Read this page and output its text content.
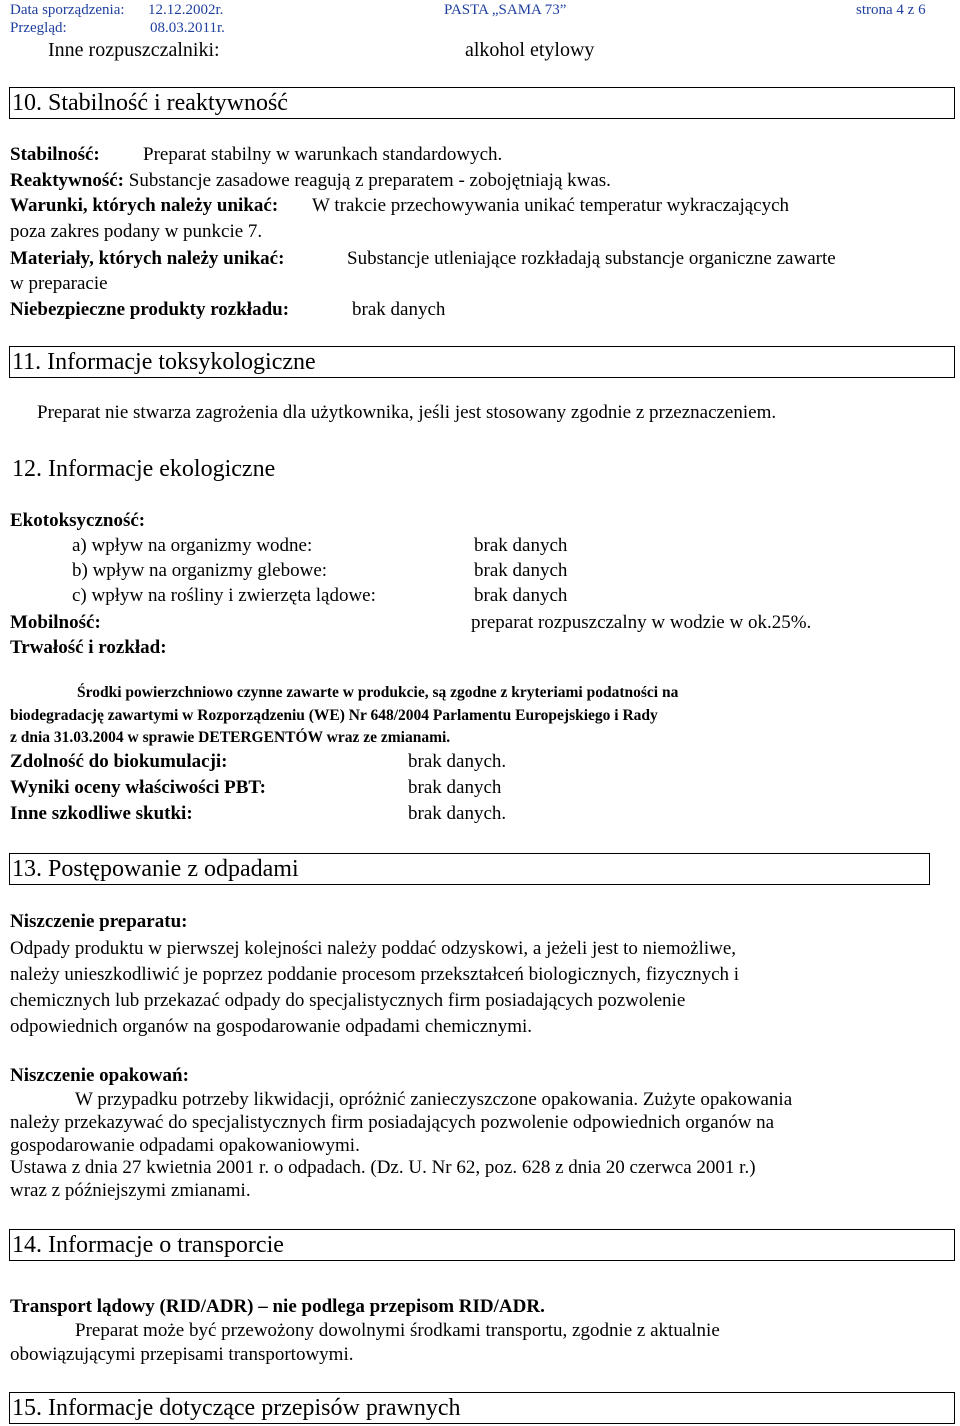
Data sporządzenia: 12.12.2002r.	PASTA „SAMA 73”	strona 4 z 6
Przegląd:	08.03.2011r.
Inne rozpuszczalniki:	alkohol etylowy
10. Stabilność i reaktywność
Stabilność: Preparat stabilny w warunkach standardowych.
Reaktywność: Substancje zasadowe reagują z preparatem - zobojętniają kwas.
Warunki, których należy unikać: W trakcie przechowywania unikać temperatur wykraczających
poza zakres podany w punkcie 7.
Materiały, których należy unikać:	Substancje utleniające rozkładają substancje organiczne zawarte
w preparacie
Niebezpieczne produkty rozkładu:	brak danych
11. Informacje toksykologiczne
Preparat nie stwarza zagrożenia dla użytkownika, jeśli jest stosowany zgodnie z przeznaczeniem.
12. Informacje ekologiczne
Ekotoksyczność:
a) wpływ na organizmy wodne:	brak danych
b) wpływ na organizmy glebowe:	brak danych
c) wpływ na rośliny i zwierzęta lądowe:	brak danych
Mobilność:	preparat rozpuszczalny w wodzie w ok.25%.
Trwałość i rozkład:
Środki powierzchniowo czynne zawarte w produkcie, są zgodne z kryteriami podatności na
biodegradację zawartymi w Rozporządzeniu (WE) Nr 648/2004 Parlamentu Europejskiego i Rady
z dnia 31.03.2004 w sprawie DETERGENTÓW wraz ze zmianami.
Zdolność do biokumulacji:	brak danych.
Wyniki oceny właściwości PBT:	brak danych
Inne szkodliwe skutki:	brak danych.
13. Postępowanie z odpadami
Niszczenie preparatu:
Odpady produktu w pierwszej kolejności należy poddać odzyskowi, a jeżeli jest to niemożliwe,
należy unieszkodliwić je poprzez poddanie procesom przekształceń biologicznych, fizycznych i
chemicznych lub przekazać odpady do specjalistycznych firm posiadających pozwolenie
odpowiednich organów na gospodarowanie odpadami chemicznymi.
Niszczenie opakowań:
W przypadku potrzeby likwidacji, opróżnić zanieczyszczone opakowania. Zużyte opakowania
należy przekazywać do specjalistycznych firm posiadających pozwolenie odpowiednich organów na
gospodarowanie odpadami opakowaniowymi.
Ustawa z dnia 27 kwietnia 2001 r. o odpadach. (Dz. U. Nr 62, poz. 628 z dnia 20 czerwca 2001 r.)
wraz z późniejszymi zmianami.
14. Informacje o transporcie
Transport lądowy (RID/ADR) – nie podlega przepisom RID/ADR.
Preparat może być przewożony dowolnymi środkami transportu, zgodnie z aktualnie
obowiązującymi przepisami transportowymi.
15. Informacje dotyczące przepisów prawnych
